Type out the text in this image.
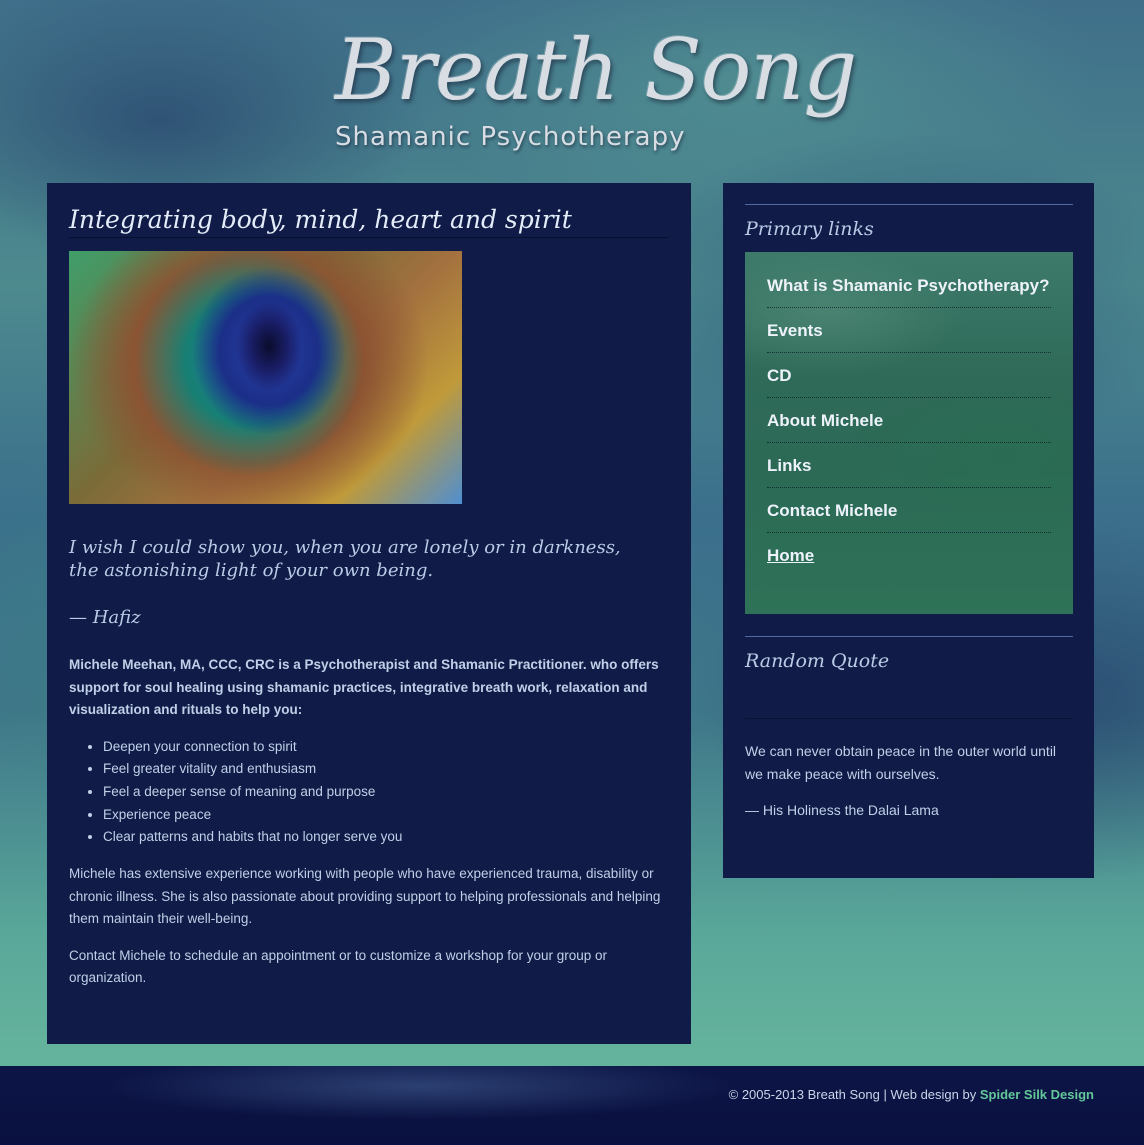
Breath Song
Shamanic Psychotherapy
Integrating body, mind, heart and spirit

I wish I could show you, when you are lonely or in darkness,
the astonishing light of your own being.

— Hafiz

Michele Meehan, MA, CCC, CRC is a Psychotherapist and Shamanic Practitioner. who offers support for soul healing using shamanic practices, integrative breath work, relaxation and visualization and rituals to help you:

• Deepen your connection to spirit
• Feel greater vitality and enthusiasm
• Feel a deeper sense of meaning and purpose
• Experience peace
• Clear patterns and habits that no longer serve you

Michele has extensive experience working with people who have experienced trauma, disability or chronic illness. She is also passionate about providing support to helping professionals and helping them maintain their well-being.

Contact Michele to schedule an appointment or to customize a workshop for your group or organization.

Primary links
What is Shamanic Psychotherapy?
Events
CD
About Michele
Links
Contact Michele
Home
Random Quote

We can never obtain peace in the outer world until we make peace with ourselves.

— His Holiness the Dalai Lama

© 2005-2013 Breath Song | Web design by Spider Silk Design
